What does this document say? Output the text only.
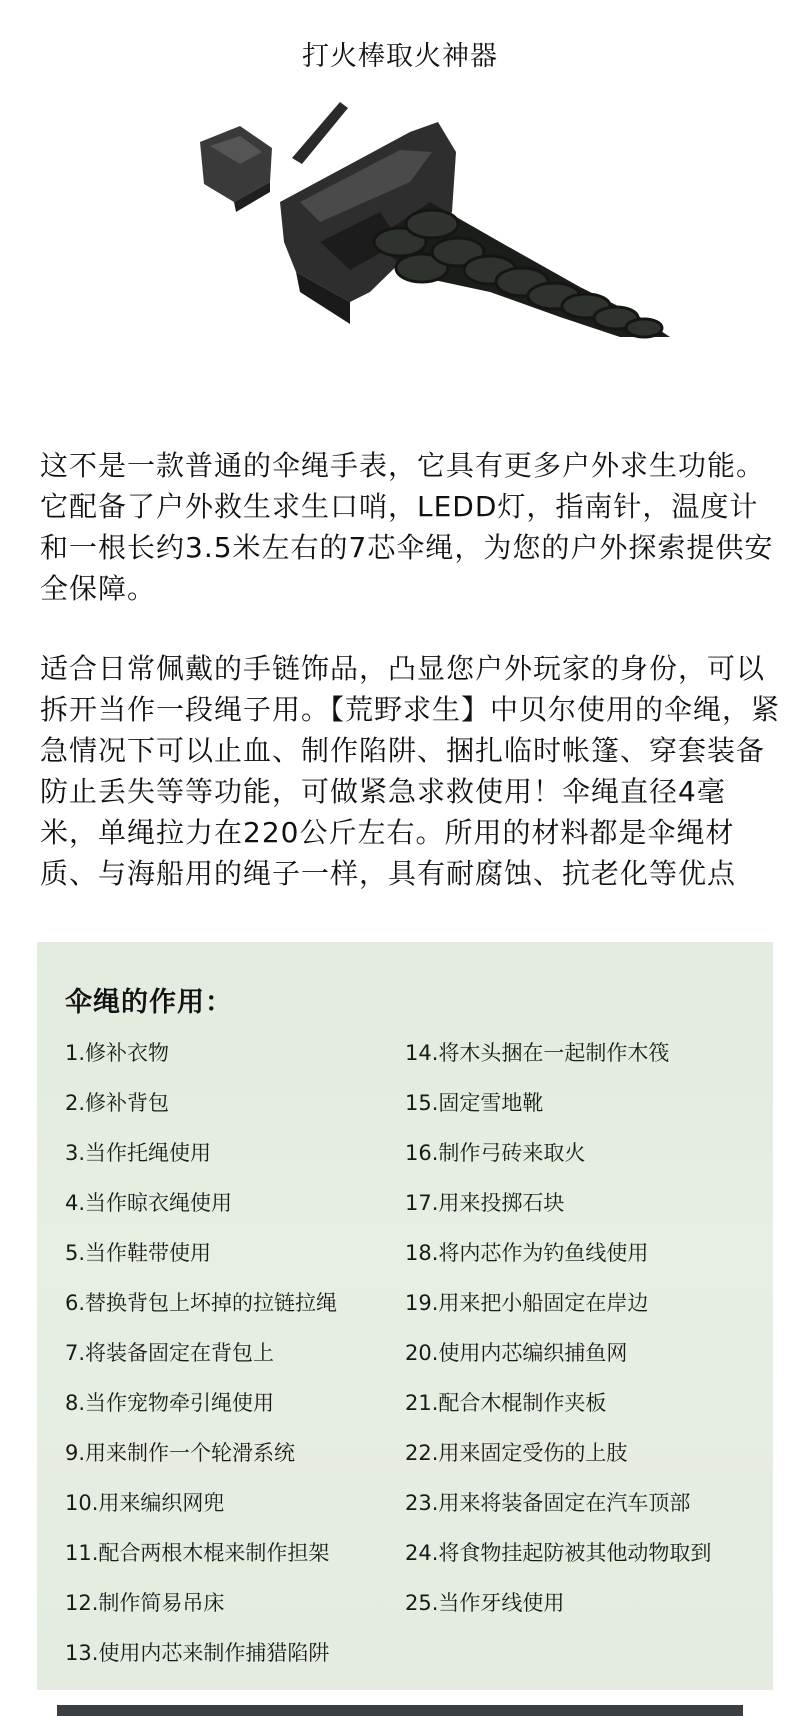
打火棒取火神器

这不是一款普通的伞绳手表，它具有更多户外求生功能。它配备了户外救生求生口哨，LEDD灯，指南针，温度计和一根长约3.5米左右的7芯伞绳，为您的户外探索提供安全保障。

适合日常佩戴的手链饰品，凸显您户外玩家的身份，可以拆开当作一段绳子用。【荒野求生】中贝尔使用的伞绳，紧急情况下可以止血、制作陷阱、捆扎临时帐篷、穿套装备防止丢失等等功能，可做紧急求救使用！伞绳直径4毫米，单绳拉力在220公斤左右。所用的材料都是伞绳材质、与海船用的绳子一样，具有耐腐蚀、抗老化等优点

伞绳的作用：
1.修补衣物
2.修补背包
3.当作托绳使用
4.当作晾衣绳使用
5.当作鞋带使用
6.替换背包上坏掉的拉链拉绳
7.将装备固定在背包上
8.当作宠物牵引绳使用
9.用来制作一个轮滑系统
10.用来编织网兜
11.配合两根木棍来制作担架
12.制作简易吊床
13.使用内芯来制作捕猎陷阱
14.将木头捆在一起制作木筏
15.固定雪地靴
16.制作弓砖来取火
17.用来投掷石块
18.将内芯作为钓鱼线使用
19.用来把小船固定在岸边
20.使用内芯编织捕鱼网
21.配合木棍制作夹板
22.用来固定受伤的上肢
23.用来将装备固定在汽车顶部
24.将食物挂起防被其他动物取到
25.当作牙线使用
